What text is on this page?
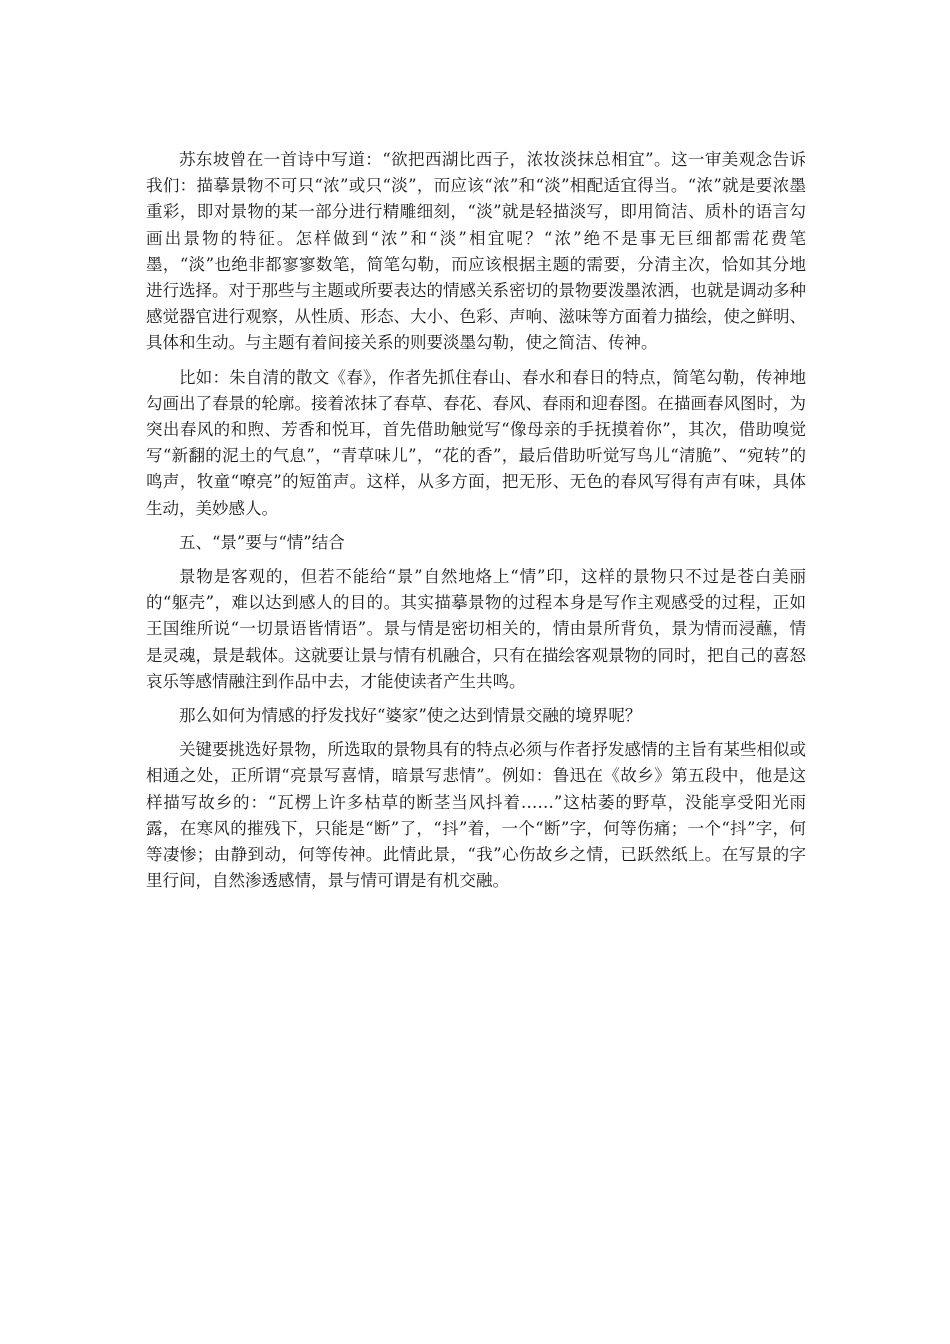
苏东坡曾在一首诗中写道：“欲把西湖比西子，浓妆淡抹总相宜”。这一审美观念告诉我们：描摹景物不可只“浓”或只“淡”，而应该“浓”和“淡”相配适宜得当。“浓”就是要浓墨重彩，即对景物的某一部分进行精雕细刻，“淡”就是轻描淡写，即用简洁、质朴的语言勾画出景物的特征。怎样做到“浓”和“淡”相宜呢？“浓”绝不是事无巨细都需花费笔墨，“淡”也绝非都寥寥数笔，简笔勾勒，而应该根据主题的需要，分清主次，恰如其分地进行选择。对于那些与主题或所要表达的情感关系密切的景物要泼墨浓洒，也就是调动多种感觉器官进行观察，从性质、形态、大小、色彩、声响、滋味等方面着力描绘，使之鲜明、具体和生动。与主题有着间接关系的则要淡墨勾勒，使之简洁、传神。

比如：朱自清的散文《春》，作者先抓住春山、春水和春日的特点，简笔勾勒，传神地勾画出了春景的轮廓。接着浓抹了春草、春花、春风、春雨和迎春图。在描画春风图时，为突出春风的和煦、芳香和悦耳，首先借助触觉写“像母亲的手抚摸着你”，其次，借助嗅觉写“新翻的泥土的气息”，“青草味儿”，“花的香”，最后借助听觉写鸟儿“清脆”、“宛转”的鸣声，牧童“嘹亮”的短笛声。这样，从多方面，把无形、无色的春风写得有声有味，具体生动，美妙感人。

五、“景”要与“情”结合

景物是客观的，但若不能给“景”自然地烙上“情”印，这样的景物只不过是苍白美丽的“躯壳”，难以达到感人的目的。其实描摹景物的过程本身是写作主观感受的过程，正如王国维所说“一切景语皆情语”。景与情是密切相关的，情由景所背负，景为情而浸蘸，情是灵魂，景是载体。这就要让景与情有机融合，只有在描绘客观景物的同时，把自己的喜怒哀乐等感情融注到作品中去，才能使读者产生共鸣。

那么如何为情感的抒发找好“婆家”使之达到情景交融的境界呢？

关键要挑选好景物，所选取的景物具有的特点必须与作者抒发感情的主旨有某些相似或相通之处，正所谓“亮景写喜情，暗景写悲情”。例如：鲁迅在《故乡》第五段中，他是这样描写故乡的：“瓦楞上许多枯草的断茎当风抖着……”这枯萎的野草，没能享受阳光雨露，在寒风的摧残下，只能是“断”了，“抖”着，一个“断”字，何等伤痛；一个“抖”字，何等凄惨；由静到动，何等传神。此情此景，“我”心伤故乡之情，已跃然纸上。在写景的字里行间，自然渗透感情，景与情可谓是有机交融。
